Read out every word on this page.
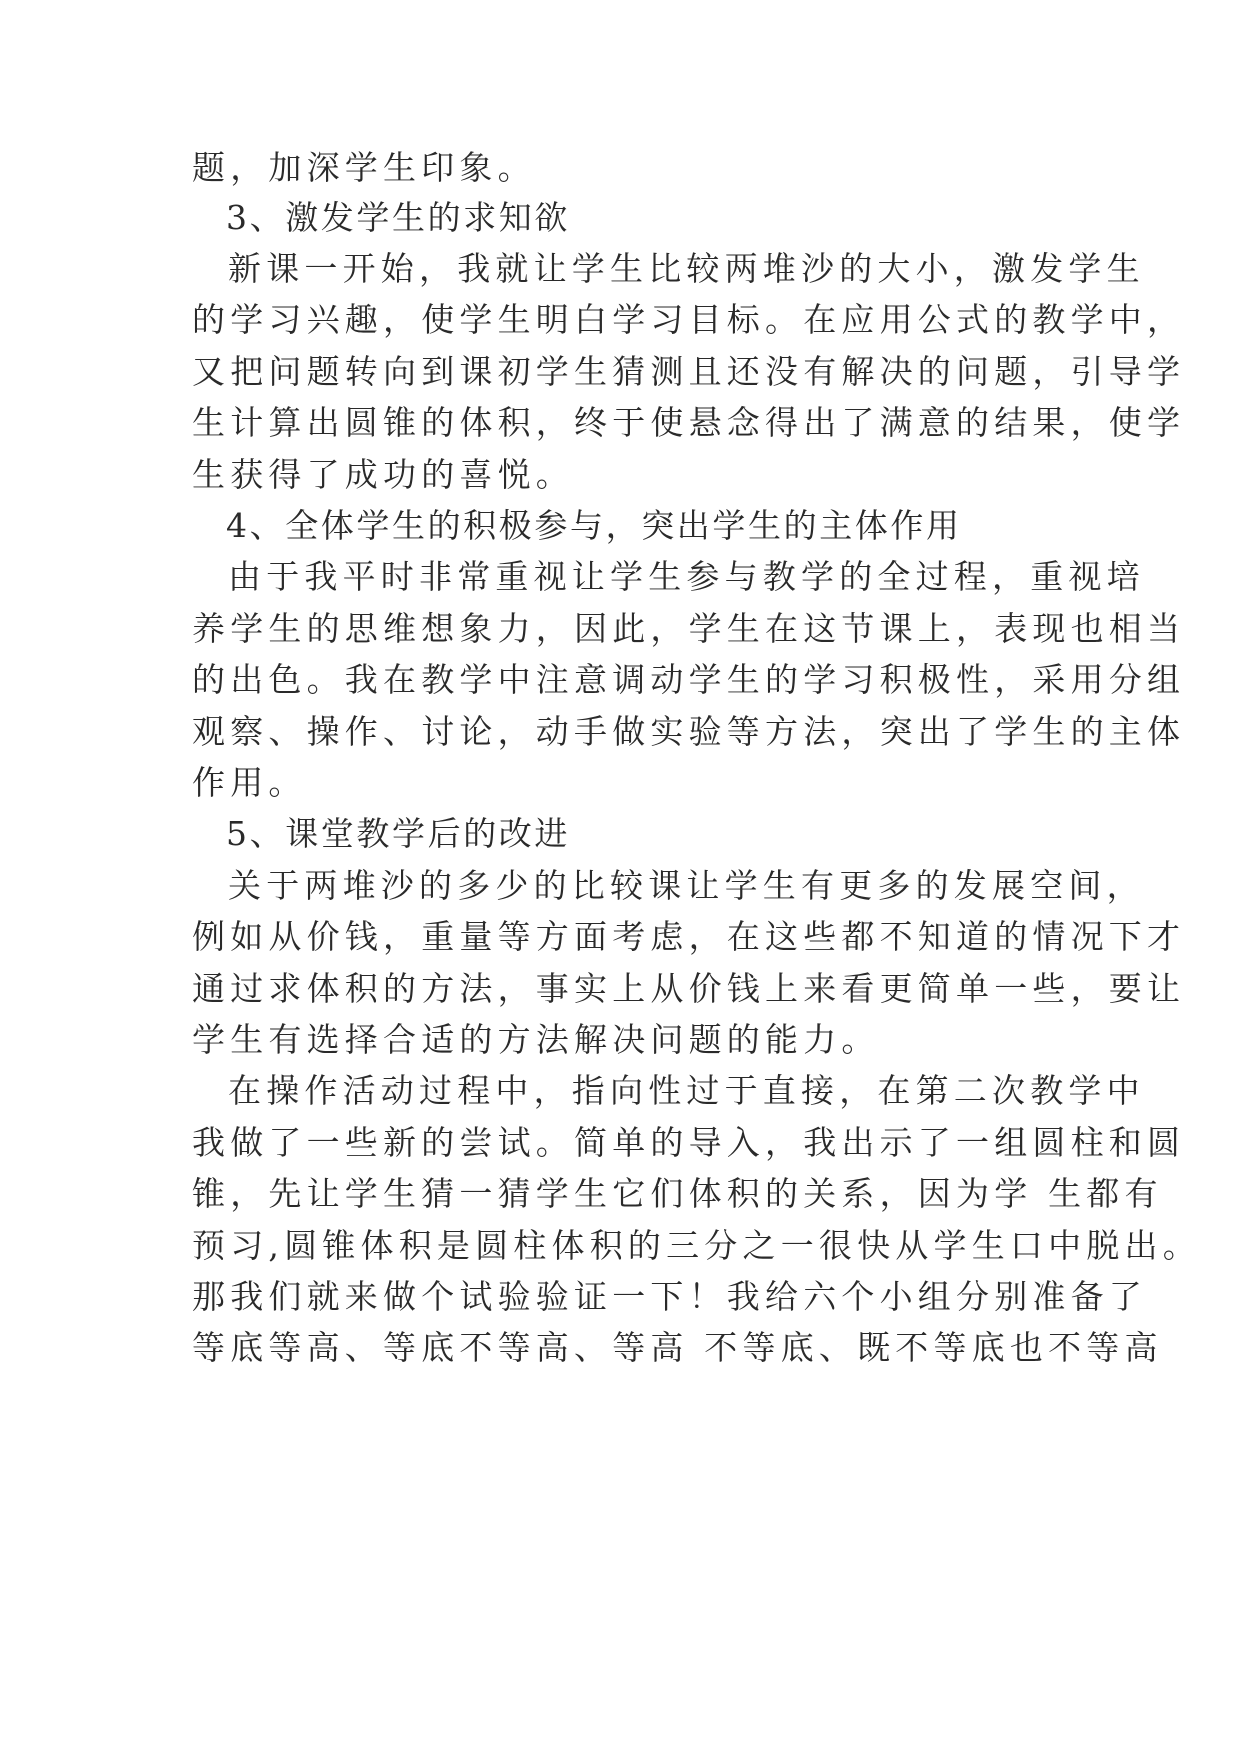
题，加深学生印象。
3、激发学生的求知欲
新课一开始，我就让学生比较两堆沙的大小，激发学生
的学习兴趣，使学生明白学习目标。在应用公式的教学中，
又把问题转向到课初学生猜测且还没有解决的问题，引导学
生计算出圆锥的体积，终于使悬念得出了满意的结果，使学
生获得了成功的喜悦。
4、全体学生的积极参与，突出学生的主体作用
由于我平时非常重视让学生参与教学的全过程，重视培
养学生的思维想象力，因此，学生在这节课上，表现也相当
的出色。我在教学中注意调动学生的学习积极性，采用分组
观察、操作、讨论，动手做实验等方法，突出了学生的主体
作用。
5、课堂教学后的改进
关于两堆沙的多少的比较课让学生有更多的发展空间，
例如从价钱，重量等方面考虑，在这些都不知道的情况下才
通过求体积的方法，事实上从价钱上来看更简单一些，要让
学生有选择合适的方法解决问题的能力。
在操作活动过程中，指向性过于直接，在第二次教学中
我做了一些新的尝试。简单的导入，我出示了一组圆柱和圆
锥，先让学生猜一猜学生它们体积的关系，因为学 生都有
预习,圆锥体积是圆柱体积的三分之一很快从学生口中脱出。
那我们就来做个试验验证一下！我给六个小组分别准备了
等底等高、等底不等高、等高 不等底、既不等底也不等高
